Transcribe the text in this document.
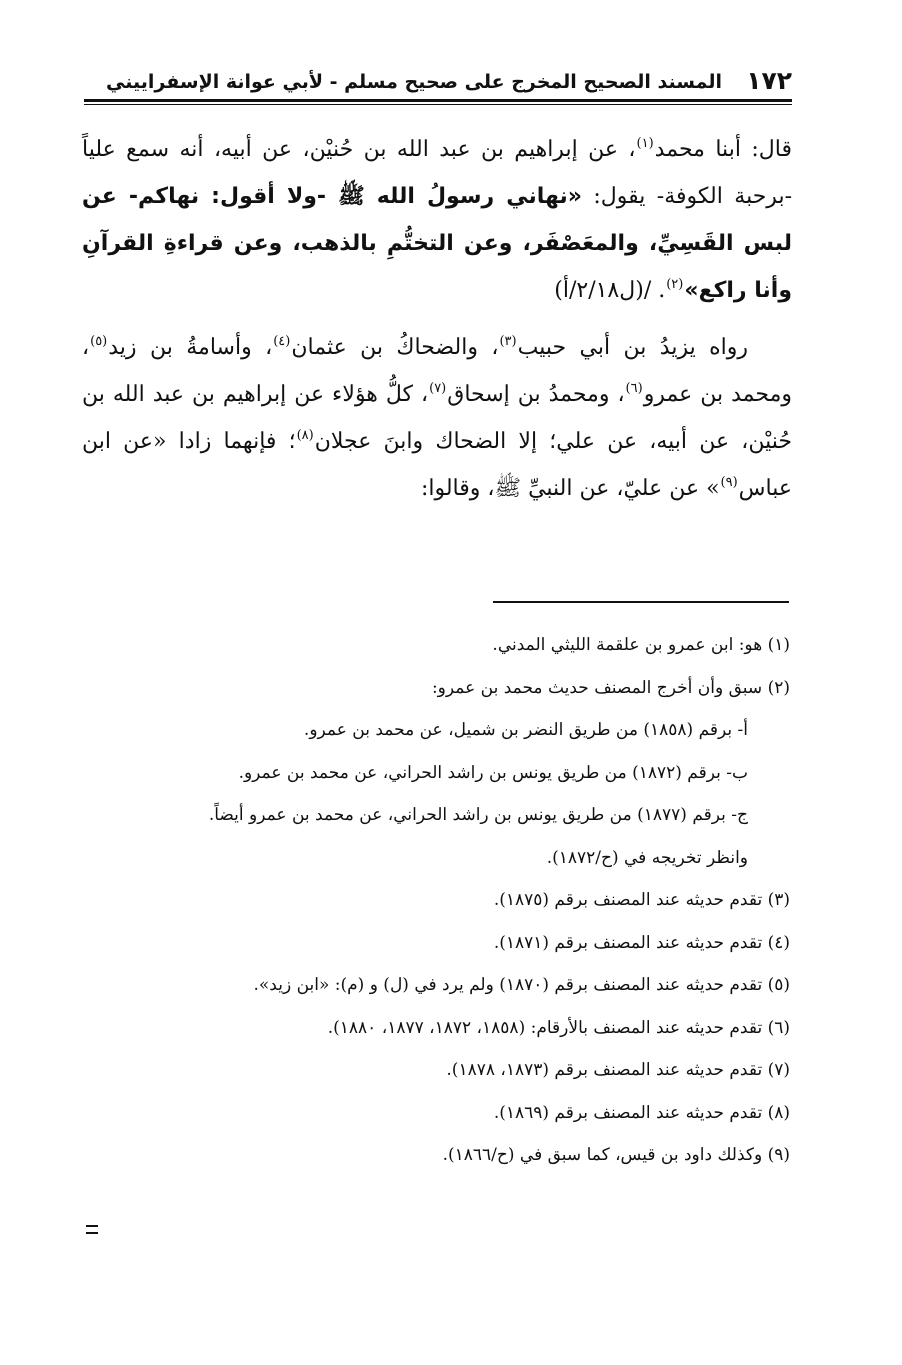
١٧٢
المسند الصحيح المخرج على صحيح مسلم - لأبي عوانة الإسفراييني

قال: أبنا محمد$^{(١)}$، عن إبراهيم بن عبد الله بن حُنيْن، عن أبيه، أنه سمع علياً -برحبة الكوفة- يقول: «نهاني رسولُ الله ﷺ -ولا أقول: نهاكم- عن لبس القَسِيِّ، والمعَصْفَر، وعن التختُّمِ بالذهب، وعن قراءةِ القرآنِ وأنا راكع»$^{(٢)}$. /(ل٢/١٨/أ)

رواه يزيدُ بن أبي حبيب$^{(٣)}$، والضحاكُ بن عثمان$^{(٤)}$، وأسامةُ بن زيد$^{(٥)}$، ومحمد بن عمرو$^{(٦)}$، ومحمدُ بن إسحاق$^{(٧)}$، كلُّ هؤلاء عن إبراهيم بن عبد الله بن حُنيْن، عن أبيه، عن علي؛ إلا الضحاك وابنَ عجلان$^{(٨)}$؛ فإنهما زادا «عن ابن عباس$^{(٩)}$» عن عليّ، عن النبيِّ ﷺ، وقالوا:

(١) هو: ابن عمرو بن علقمة الليثي المدني.
(٢) سبق وأن أخرج المصنف حديث محمد بن عمرو:
أ- برقم (١٨٥٨) من طريق النضر بن شميل، عن محمد بن عمرو.
ب- برقم (١٨٧٢) من طريق يونس بن راشد الحراني، عن محمد بن عمرو.
ج- برقم (١٨٧٧) من طريق يونس بن راشد الحراني، عن محمد بن عمرو أيضاً.
وانظر تخريجه في (ح/١٨٧٢).
(٣) تقدم حديثه عند المصنف برقم (١٨٧٥).
(٤) تقدم حديثه عند المصنف برقم (١٨٧١).
(٥) تقدم حديثه عند المصنف برقم (١٨٧٠) ولم يرد في (ل) و (م): «ابن زيد».
(٦) تقدم حديثه عند المصنف بالأرقام: (١٨٥٨، ١٨٧٢، ١٨٧٧، ١٨٨٠).
(٧) تقدم حديثه عند المصنف برقم (١٨٧٣، ١٨٧٨).
(٨) تقدم حديثه عند المصنف برقم (١٨٦٩).
(٩) وكذلك داود بن قيس، كما سبق في (ح/١٨٦٦).
